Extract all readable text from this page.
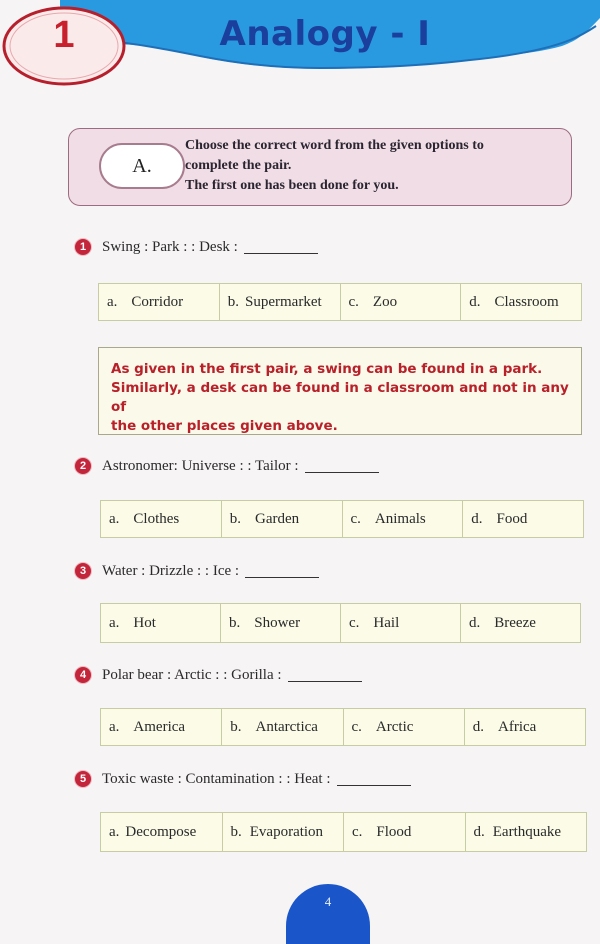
1	Analogy - I
A.
Choose the correct word from the given options to
complete the pair.
The first one has been done for you.
1	Swing : Park : : Desk :
a. Corridor	b. Supermarket c. Zoo	d. Classroom
As given in the first pair, a swing can be found in a park.
Similarly, a desk can be found in a classroom and not in any of
the other places given above.
2	Astronomer: Universe : : Tailor :
a. Clothes	b. Garden	c. Animals	d. Food
3	Water : Drizzle : : Ice :
a. Hot	b. Shower	c. Hail	d. Breeze
4	Polar bear : Arctic : : Gorilla :
a. America	b. Antarctica c. Arctic	d. Africa
5	Toxic waste : Contamination : : Heat :
a. Decompose b. Evaporation c. Flood	d. Earthquake
4
